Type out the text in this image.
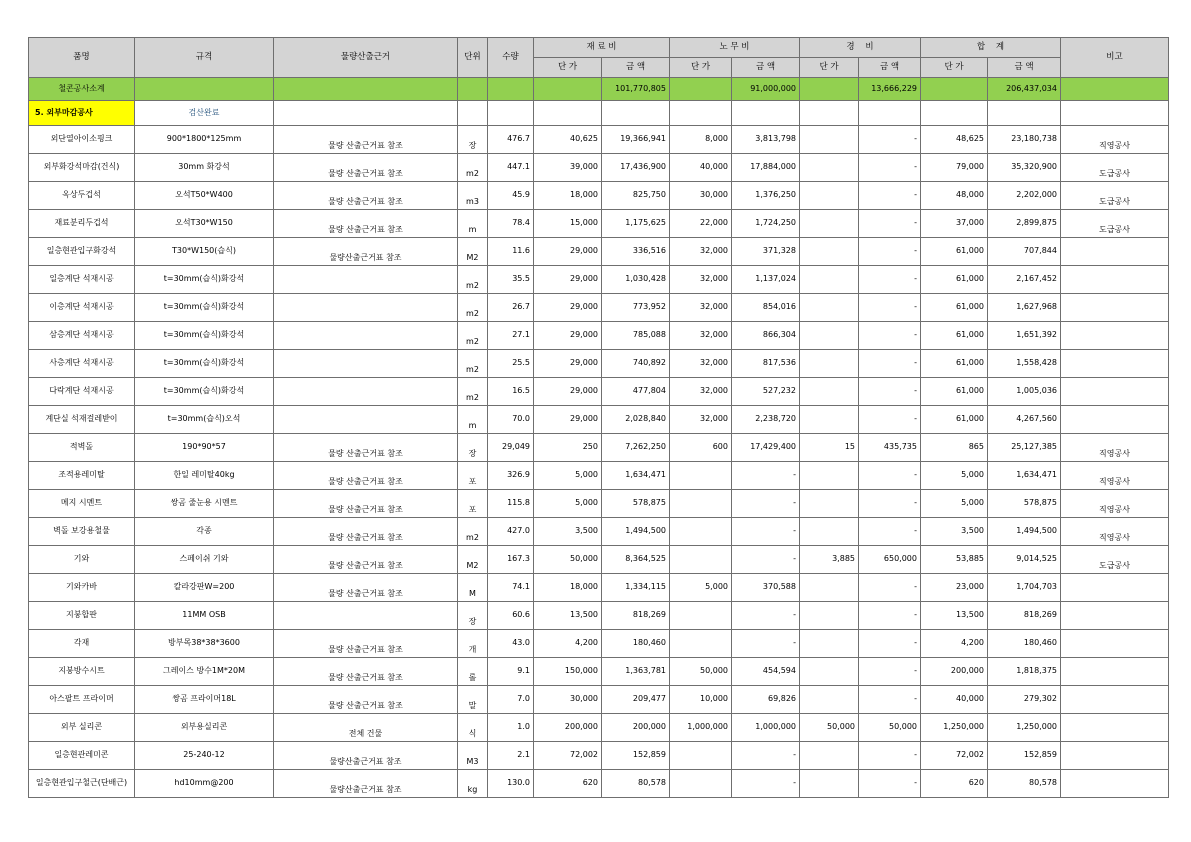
품명	규격	물량산출근거	단위	수량	재 료 비		노 무 비		경    비		합    계		비고
					단 가	금 액	단 가	금 액	단 가	금 액	단 가	금 액	
철콘공사소계						101,770,805		91,000,000		13,666,229		206,437,034	
5. 외부마감공사	검산완료												
외단열아이소핑크	900*1800*125mm	물량 산출근거표 참조	장	476.7	40,625	19,366,941	8,000	3,813,798		-	48,625	23,180,738	직영공사
외부화강석마감(건식)	30mm 화강석	물량 산출근거표 참조	m2	447.1	39,000	17,436,900	40,000	17,884,000		-	79,000	35,320,900	도급공사
옥상두겁석	오석T50*W400	물량 산출근거표 참조	m3	45.9	18,000	825,750	30,000	1,376,250		-	48,000	2,202,000	도급공사
재료분리두겁석	오석T30*W150	물량 산출근거표 참조	m	78.4	15,000	1,175,625	22,000	1,724,250		-	37,000	2,899,875	도급공사
일층현관입구화강석	T30*W150(습식)	물량산출근거표 참조	M2	11.6	29,000	336,516	32,000	371,328		-	61,000	707,844	
일층계단 석재시공	t=30mm(습식)화강석		m2	35.5	29,000	1,030,428	32,000	1,137,024		-	61,000	2,167,452	
이층계단 석재시공	t=30mm(습식)화강석		m2	26.7	29,000	773,952	32,000	854,016		-	61,000	1,627,968	
삼층계단 석재시공	t=30mm(습식)화강석		m2	27.1	29,000	785,088	32,000	866,304		-	61,000	1,651,392	
사층계단 석재시공	t=30mm(습식)화강석		m2	25.5	29,000	740,892	32,000	817,536		-	61,000	1,558,428	
다락계단 석재시공	t=30mm(습식)화강석		m2	16.5	29,000	477,804	32,000	527,232		-	61,000	1,005,036	
계단실 석재걸레받이	t=30mm(습식)오석		m	70.0	29,000	2,028,840	32,000	2,238,720		-	61,000	4,267,560	
적벽돌	190*90*57	물량 산출근거표 참조	장	29,049	250	7,262,250	600	17,429,400	15	435,735	865	25,127,385	직영공사
조적용레미탈	한일 레미탈40kg	물량 산출근거표 참조	포	326.9	5,000	1,634,471		-		-	5,000	1,634,471	직영공사
메지 시멘트	쌍곰 줄눈용 시멘트	물량 산출근거표 참조	포	115.8	5,000	578,875		-		-	5,000	578,875	직영공사
벽돌 보강용철물	각종	물량 산출근거표 참조	m2	427.0	3,500	1,494,500		-		-	3,500	1,494,500	직영공사
기와	스페이쉬 기와	물량 산출근거표 참조	M2	167.3	50,000	8,364,525		-	3,885	650,000	53,885	9,014,525	도급공사
기와카바	칼라강판W=200	물량 산출근거표 참조	M	74.1	18,000	1,334,115	5,000	370,588		-	23,000	1,704,703	
지붕합판	11MM OSB		장	60.6	13,500	818,269		-		-	13,500	818,269	
각재	방부목38*38*3600	물량 산출근거표 참조	개	43.0	4,200	180,460		-		-	4,200	180,460	
지붕방수시트	그레이스 방수1M*20M	물량 산출근거표 참조	롤	9.1	150,000	1,363,781	50,000	454,594		-	200,000	1,818,375	
아스팔트 프라이머	쌍곰 프라이머18L	물량 산출근거표 참조	말	7.0	30,000	209,477	10,000	69,826		-	40,000	279,302	
외부 실리콘	외부용실리콘	전체 건물	식	1.0	200,000	200,000	1,000,000	1,000,000	50,000	50,000	1,250,000	1,250,000	
일층현관레미콘	25-240-12	물량산출근거표 참조	M3	2.1	72,002	152,859		-		-	72,002	152,859	
일층현관입구철근(단배근)	hd10mm@200	물량산출근거표 참조	kg	130.0	620	80,578		-		-	620	80,578	
